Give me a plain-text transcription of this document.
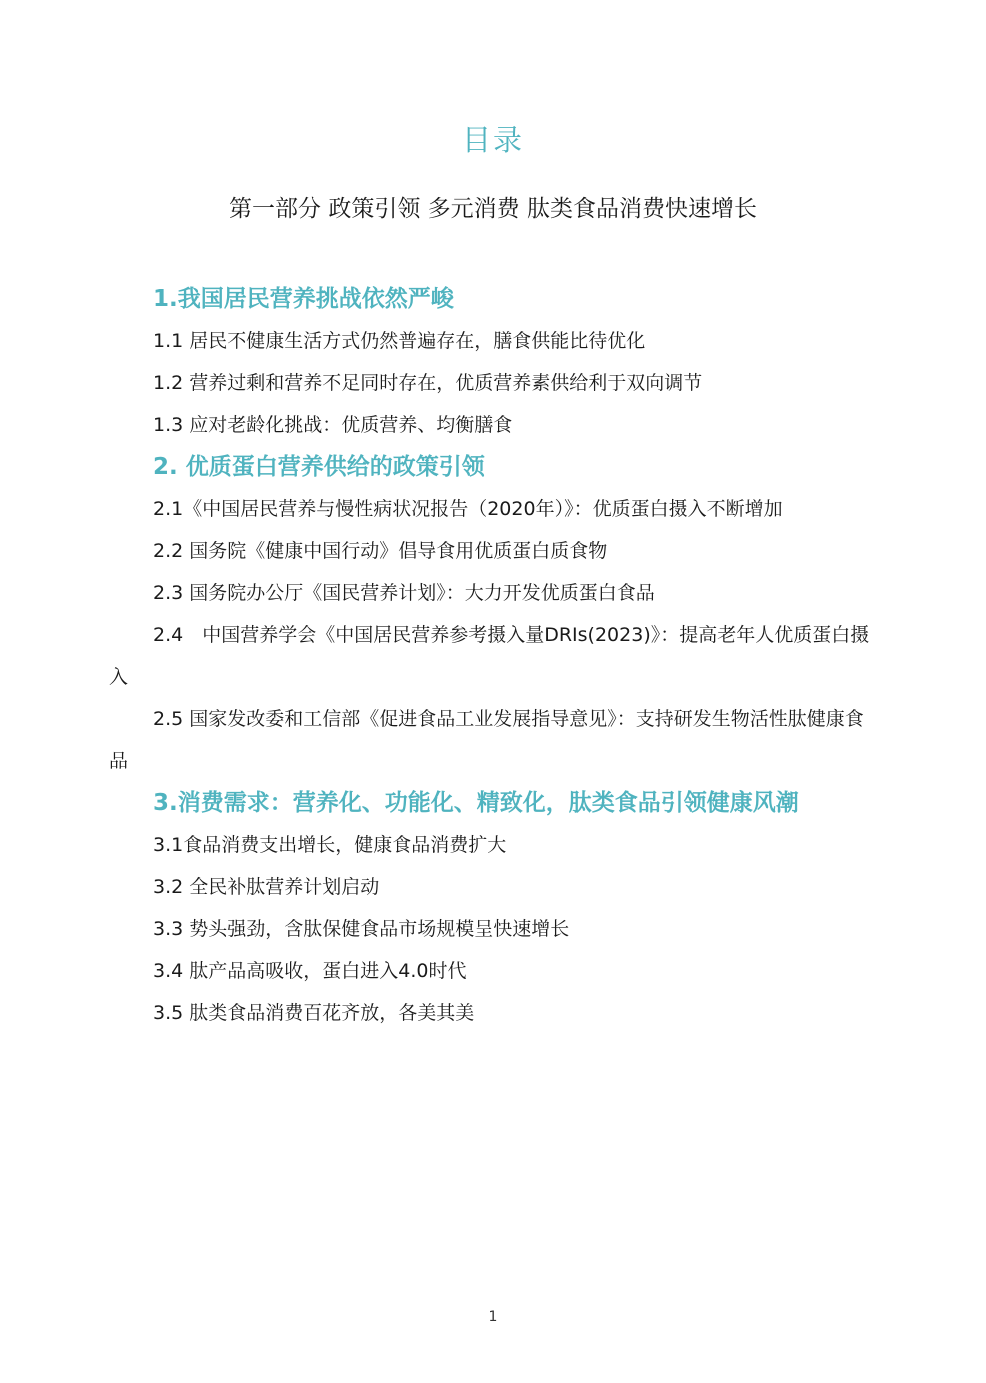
目录
第一部分 政策引领 多元消费 肽类食品消费快速增长
1.我国居民营养挑战依然严峻
1.1 居民不健康生活方式仍然普遍存在，膳食供能比待优化
1.2 营养过剩和营养不足同时存在，优质营养素供给利于双向调节
1.3 应对老龄化挑战：优质营养、均衡膳食
2. 优质蛋白营养供给的政策引领
2.1《中国居民营养与慢性病状况报告（2020年）》：优质蛋白摄入不断增加
2.2 国务院《健康中国行动》倡导食用优质蛋白质食物
2.3 国务院办公厅《国民营养计划》：大力开发优质蛋白食品
2.4　中国营养学会《中国居民营养参考摄入量DRIs(2023)》：提高老年人优质蛋白摄入
2.5 国家发改委和工信部《促进食品工业发展指导意见》：支持研发生物活性肽健康食品
3.消费需求：营养化、功能化、精致化，肽类食品引领健康风潮
3.1食品消费支出增长，健康食品消费扩大
3.2 全民补肽营养计划启动
3.3 势头强劲，含肽保健食品市场规模呈快速增长
3.4 肽产品高吸收，蛋白进入4.0时代
3.5 肽类食品消费百花齐放，各美其美
1
